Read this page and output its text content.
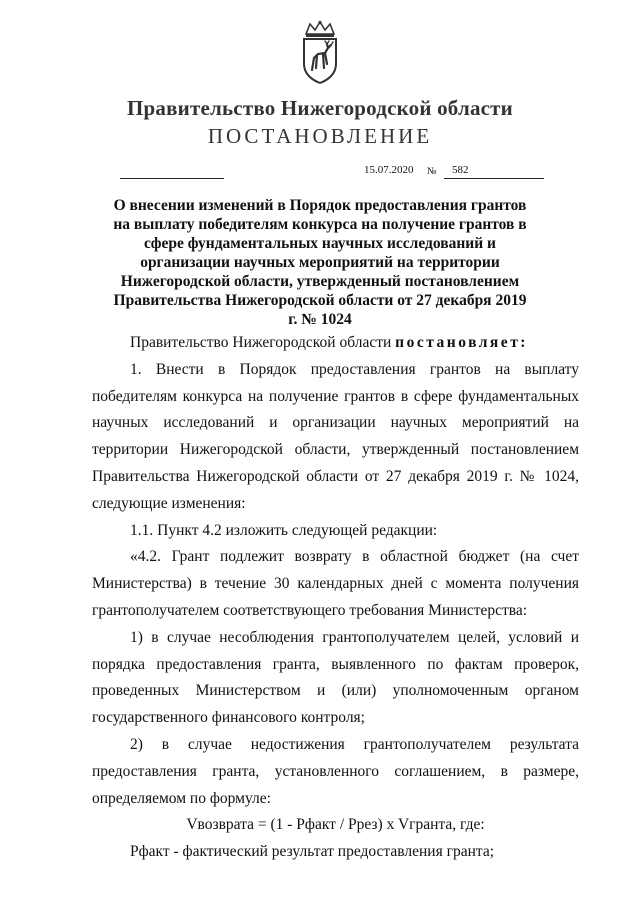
Правительство Нижегородской области
ПОСТАНОВЛЕНИЕ
15.07.2020 № 582
О внесении изменений в Порядок предоставления грантов на выплату победителям конкурса на получение грантов в сфере фундаментальных научных исследований и организации научных мероприятий на территории Нижегородской области, утвержденный постановлением Правительства Нижегородской области от 27 декабря 2019 г. № 1024

Правительство Нижегородской области постановляет:

1. Внести в Порядок предоставления грантов на выплату победителям конкурса на получение грантов в сфере фундаментальных научных исследований и организации научных мероприятий на территории Нижегородской области, утвержденный постановлением Правительства Нижегородской области от 27 декабря 2019 г. № 1024, следующие изменения:

1.1. Пункт 4.2 изложить следующей редакции:

«4.2. Грант подлежит возврату в областной бюджет (на счет Министерства) в течение 30 календарных дней с момента получения грантополучателем соответствующего требования Министерства:

1) в случае несоблюдения грантополучателем целей, условий и порядка предоставления гранта, выявленного по фактам проверок, проведенных Министерством и (или) уполномоченным органом государственного финансового контроля;

2) в случае недостижения грантополучателем результата предоставления гранта, установленного соглашением, в размере, определяемом по формуле:

Vвозврата = (1 - Рфакт / Ррез) x Vгранта, где:

Рфакт - фактический результат предоставления гранта;
